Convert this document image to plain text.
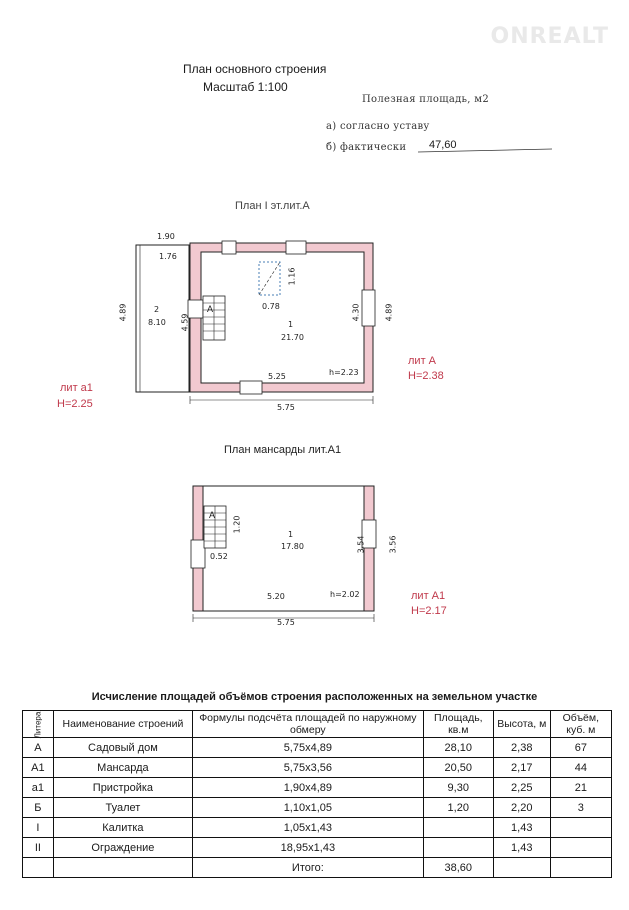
ONREALT
План основного строения
Масштаб 1:100
Полезная площадь, м2
а) согласно уставу
б) фактически 47,60
План I эт.лит.А
1.90
1.76
4.89	2
8.10 4.59
А
1.16
0.78
1
21.70
4.30	4.89
5.25	h=2.23
5.75
лит а1
H=2.25
лит А
H=2.38
План мансарды лит.А1
А
1.20
0.52
1
17.80	3.54	3.56
5.20	h=2.02
5.75
лит А1
H=2.17
Исчисление площадей объёмов строения расположенных на земельном участке
Литера	Наименование строений	Формулы подсчёта площадей по наружному обмеру	Площадь, кв.м	Высота, м	Объём, куб. м
А	Садовый дом	5,75х4,89	28,10	2,38	67
А1	Мансарда	5,75х3,56	20,50	2,17	44
а1	Пристройка	1,90х4,89	9,30	2,25	21
Б	Туалет	1,10х1,05	1,20	2,20	3
I	Калитка	1,05х1,43		1,43	
II	Ограждение	18,95х1,43		1,43	
		Итого:	38,60		
